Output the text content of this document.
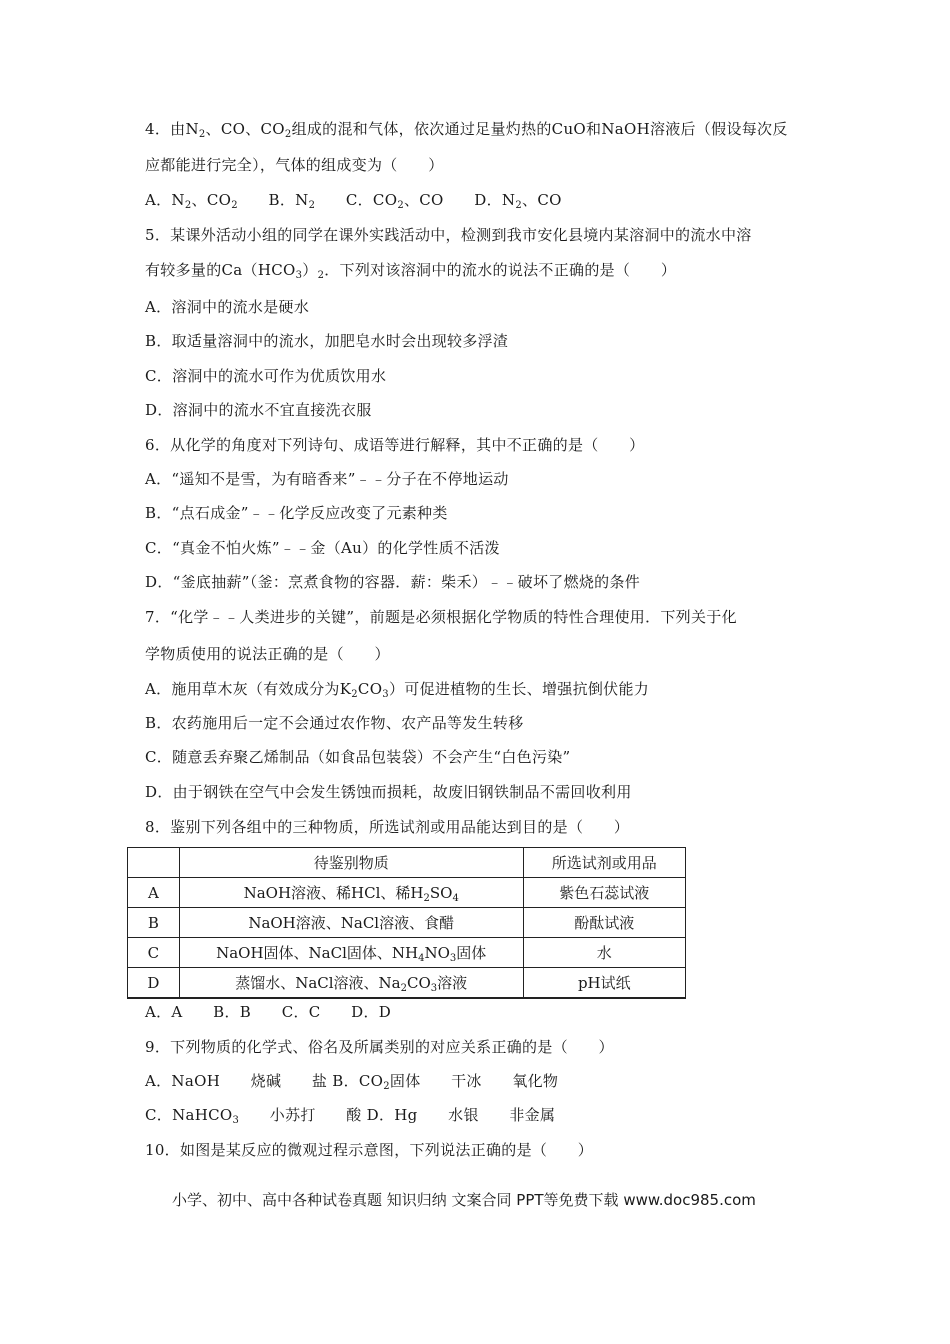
4．由$N_2$、CO、$CO_2$组成的混和气体，依次通过足量灼热的CuO和NaOH溶液后（假设每次反
应都能进行完全），气体的组成变为（　　）
A．$N_2$、$CO_2$　　B．$N_2$　　C．$CO_2$、CO　　D．$N_2$、CO
5．某课外活动小组的同学在课外实践活动中，检测到我市安化县境内某溶洞中的流水中溶
有较多量的$Ca(HCO_3)_2$．下列对该溶洞中的流水的说法不正确的是（　　）
A．溶洞中的流水是硬水
B．取适量溶洞中的流水，加肥皂水时会出现较多浮渣
C．溶洞中的流水可作为优质饮用水
D．溶洞中的流水不宜直接洗衣服
6．从化学的角度对下列诗句、成语等进行解释，其中不正确的是（　　）
A．“遥知不是雪，为有暗香来”﹣﹣分子在不停地运动
B．“点石成金”﹣﹣化学反应改变了元素种类
C．“真金不怕火炼”﹣﹣金（Au）的化学性质不活泼
D．“釜底抽薪”（釜：烹煮食物的容器．薪：柴禾）﹣﹣破坏了燃烧的条件
7．“化学﹣﹣人类进步的关键”，前题是必须根据化学物质的特性合理使用．下列关于化
学物质使用的说法正确的是（　　）
A．施用草木灰（有效成分为$K_2CO_3$）可促进植物的生长、增强抗倒伏能力
B．农药施用后一定不会通过农作物、农产品等发生转移
C．随意丢弃聚乙烯制品（如食品包装袋）不会产生“白色污染”
D．由于钢铁在空气中会发生锈蚀而损耗，故废旧钢铁制品不需回收利用
8．鉴别下列各组中的三种物质，所选试剂或用品能达到目的是（　　）
	待鉴别物质	所选试剂或用品
A	NaOH溶液、稀HCl、稀$H_2SO_4$	紫色石蕊试液
B	NaOH溶液、NaCl溶液、食醋	酚酞试液
C	NaOH固体、NaCl固体、$NH_4NO_3$固体	水
D	蒸馏水、NaCl溶液、$Na_2CO_3$溶液	pH试纸
A．A　　B．B　　C．C　　D．D
9．下列物质的化学式、俗名及所属类别的对应关系正确的是（　　）
A．NaOH　　烧碱　　盐 B．$CO_2$固体　　干冰　　氧化物
C．NaHCO$_3$　　小苏打　　酸 D．Hg　　水银　　非金属
10．如图是某反应的微观过程示意图，下列说法正确的是（　　）
小学、初中、高中各种试卷真题 知识归纳 文案合同 PPT等免费下载 www.doc985.com
